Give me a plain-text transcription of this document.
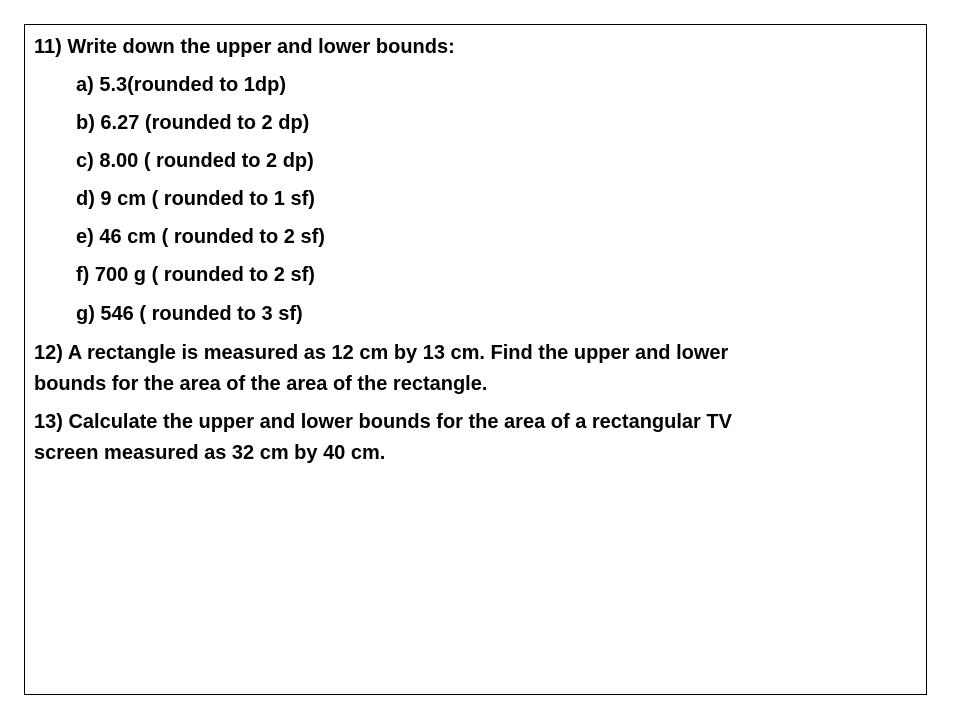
11) Write down the upper and lower bounds:
a) 5.3(rounded to 1dp)
b) 6.27 (rounded to 2 dp)
c) 8.00 ( rounded to 2 dp)
d) 9 cm ( rounded to 1 sf)
e) 46 cm ( rounded to 2 sf)
f) 700 g ( rounded to 2 sf)
g) 546 ( rounded to 3 sf)
12) A rectangle is measured as 12 cm by 13 cm. Find the upper and lower
bounds for the area of the area of the rectangle.
13) Calculate the upper and lower bounds for the area of a rectangular TV
screen measured as 32 cm by 40 cm.
